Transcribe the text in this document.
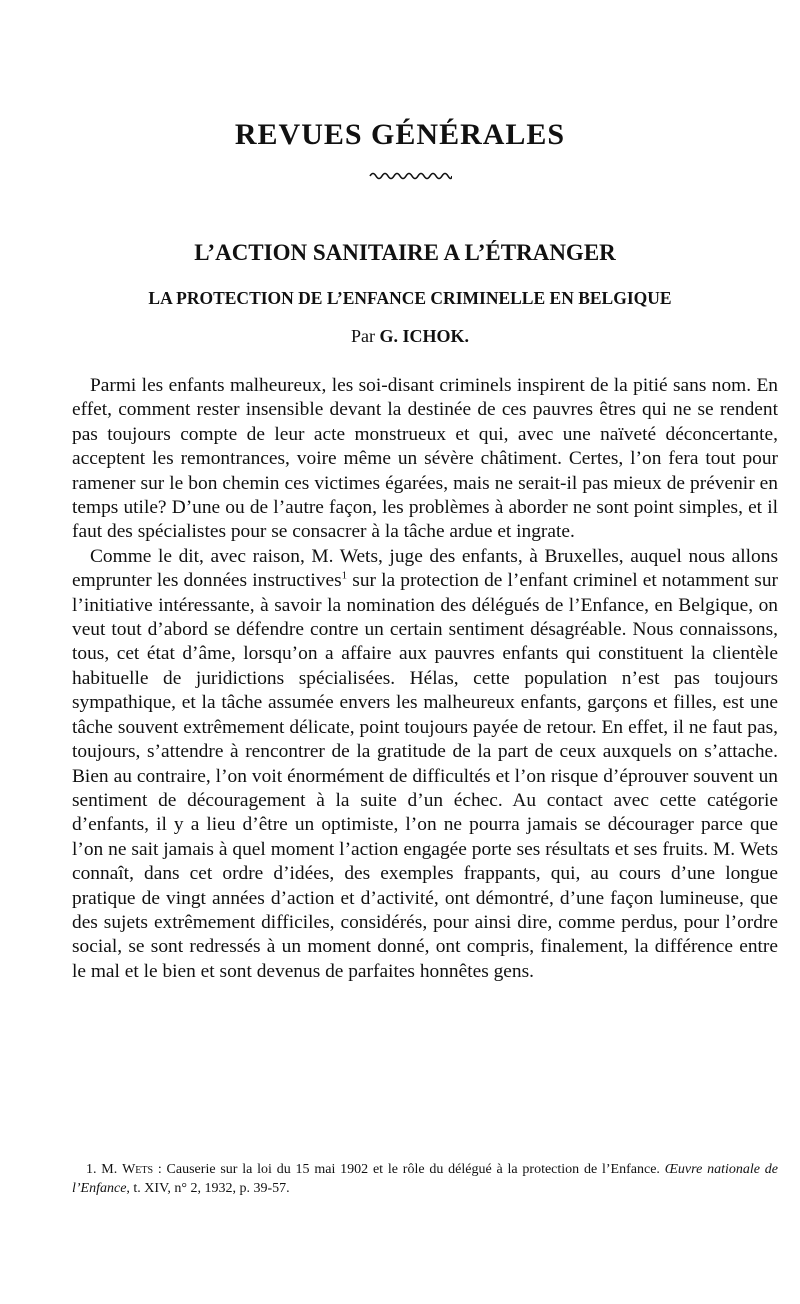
REVUES GÉNÉRALES
L’ACTION SANITAIRE A L’ÉTRANGER
LA PROTECTION DE L’ENFANCE CRIMINELLE EN BELGIQUE

Par G. ICHOK.

Parmi les enfants malheureux, les soi-disant criminels inspirent de la pitié sans nom. En effet, comment rester insensible devant la destinée de ces pauvres êtres qui ne se rendent pas toujours compte de leur acte monstrueux et qui, avec une naïveté déconcertante, acceptent les remontrances, voire même un sévère châtiment. Certes, l’on fera tout pour ramener sur le bon chemin ces victimes égarées, mais ne serait-il pas mieux de prévenir en temps utile? D’une ou de l’autre façon, les problèmes à aborder ne sont point simples, et il faut des spécialistes pour se consacrer à la tâche ardue et ingrate.

Comme le dit, avec raison, M. Wets, juge des enfants, à Bruxelles, auquel nous allons emprunter les données instructives$^1$ sur la protection de l’enfant criminel et notamment sur l’initiative intéressante, à savoir la nomination des délégués de l’Enfance, en Belgique, on veut tout d’abord se défendre contre un certain sentiment désagréable. Nous connaissons, tous, cet état d’âme, lorsqu’on a affaire aux pauvres enfants qui constituent la clientèle habituelle de juridictions spécialisées. Hélas, cette population n’est pas toujours sympathique, et la tâche assumée envers les malheureux enfants, garçons et filles, est une tâche souvent extrêmement délicate, point toujours payée de retour. En effet, il ne faut pas, toujours, s’attendre à rencontrer de la gratitude de la part de ceux auxquels on s’attache. Bien au contraire, l’on voit énormément de difficultés et l’on risque d’éprouver souvent un sentiment de découragement à la suite d’un échec. Au contact avec cette catégorie d’enfants, il y a lieu d’être un optimiste, l’on ne pourra jamais se décourager parce que l’on ne sait jamais à quel moment l’action engagée porte ses résultats et ses fruits. M. Wets connaît, dans cet ordre d’idées, des exemples frappants, qui, au cours d’une longue pratique de vingt années d’action et d’activité, ont démontré, d’une façon lumineuse, que des sujets extrêmement difficiles, considérés, pour ainsi dire, comme perdus, pour l’ordre social, se sont redressés à un moment donné, ont compris, finalement, la différence entre le mal et le bien et sont devenus de parfaites honnêtes gens.

1. M. Wets : Causerie sur la loi du 15 mai 1902 et le rôle du délégué à la protection de l’Enfance. Œuvre nationale de l’Enfance, t. XIV, n° 2, 1932, p. 39-57.
